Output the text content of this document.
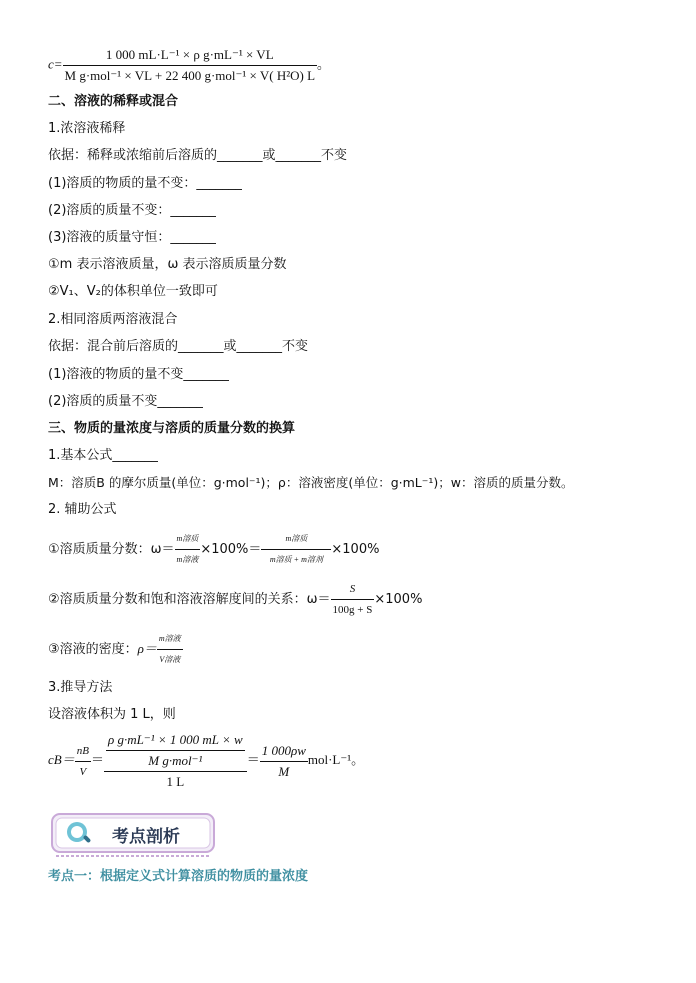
$c= \frac{\text{1 000 mL·L⁻¹ × ρ g·mL⁻¹ × VL}}{\text{M g·mol⁻¹ × VL + 22 400 g·mol⁻¹ × V( H²O) L}}$ 。
二、溶液的稀释或混合
1.浓溶液稀释
依据：稀释或浓缩前后溶质的_______或_______不变
(1)溶质的物质的量不变：_______
(2)溶质的质量不变：_______
(3)溶液的质量守恒：_______
①m 表示溶液质量，ω 表示溶质质量分数
②V₁、V₂的体积单位一致即可
2.相同溶质两溶液混合
依据：混合前后溶质的_______或_______不变
(1)溶液的物质的量不变_______
(2)溶质的质量不变_______
三、物质的量浓度与溶质的质量分数的换算
1.基本公式_______
M：溶质B 的摩尔质量(单位：g·mol⁻¹)；ρ：溶液密度(单位：g·mL⁻¹)；w：溶质的质量分数。
2. 辅助公式
①溶质质量分数：$\omega= \frac{\text{m溶质}}{\text{m溶液}} \times 100\%= \frac{\text{m溶质}}{\text{m溶质 + m溶剂}} \times 100\%$
②溶质质量分数和饱和溶液溶解度间的关系：$\omega= \frac{S}{100g + S} \times 100\%$
③溶液的密度：$\rho= \frac{\text{m溶液}}{\text{V溶液}}$
3.推导方法
设溶液体积为 1 L，则
$cB= \frac{nB}{V} = \frac{\frac{\text{ρ g·mL⁻¹ × 1 000 mL × w}}{\text{M g·mol⁻¹}}}{1 L} = \frac{1 000\rho w}{M} mol\cdot L^{-1}$。
考点剖析
考点一：根据定义式计算溶质的物质的量浓度
